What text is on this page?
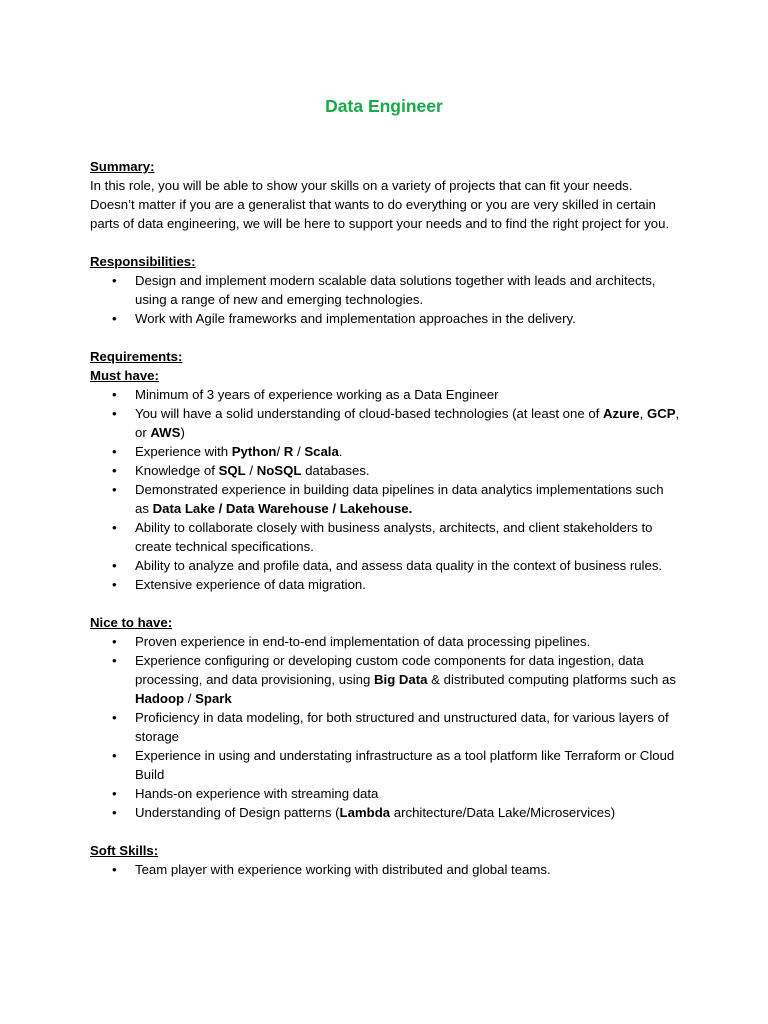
Data Engineer
Summary:

In this role, you will be able to show your skills on a variety of projects that can fit your needs. Doesn’t matter if you are a generalist that wants to do everything or you are very skilled in certain parts of data engineering, we will be here to support your needs and to find the right project for you.

Responsibilities:
• Design and implement modern scalable data solutions together with leads and architects, using a range of new and emerging technologies.
• Work with Agile frameworks and implementation approaches in the delivery.
Requirements:
Must have:
• Minimum of 3 years of experience working as a Data Engineer
• You will have a solid understanding of cloud-based technologies (at least one of Azure, GCP, or AWS)
• Experience with Python/ R / Scala.
• Knowledge of SQL / NoSQL databases.
• Demonstrated experience in building data pipelines in data analytics implementations such as Data Lake / Data Warehouse / Lakehouse.
• Ability to collaborate closely with business analysts, architects, and client stakeholders to create technical specifications.
• Ability to analyze and profile data, and assess data quality in the context of business rules.
• Extensive experience of data migration.
Nice to have:
• Proven experience in end-to-end implementation of data processing pipelines.
• Experience configuring or developing custom code components for data ingestion, data processing, and data provisioning, using Big Data & distributed computing platforms such as Hadoop / Spark
• Proficiency in data modeling, for both structured and unstructured data, for various layers of storage
• Experience in using and understating infrastructure as a tool platform like Terraform or Cloud Build
• Hands-on experience with streaming data
• Understanding of Design patterns (Lambda architecture/Data Lake/Microservices)
Soft Skills:
• Team player with experience working with distributed and global teams.
